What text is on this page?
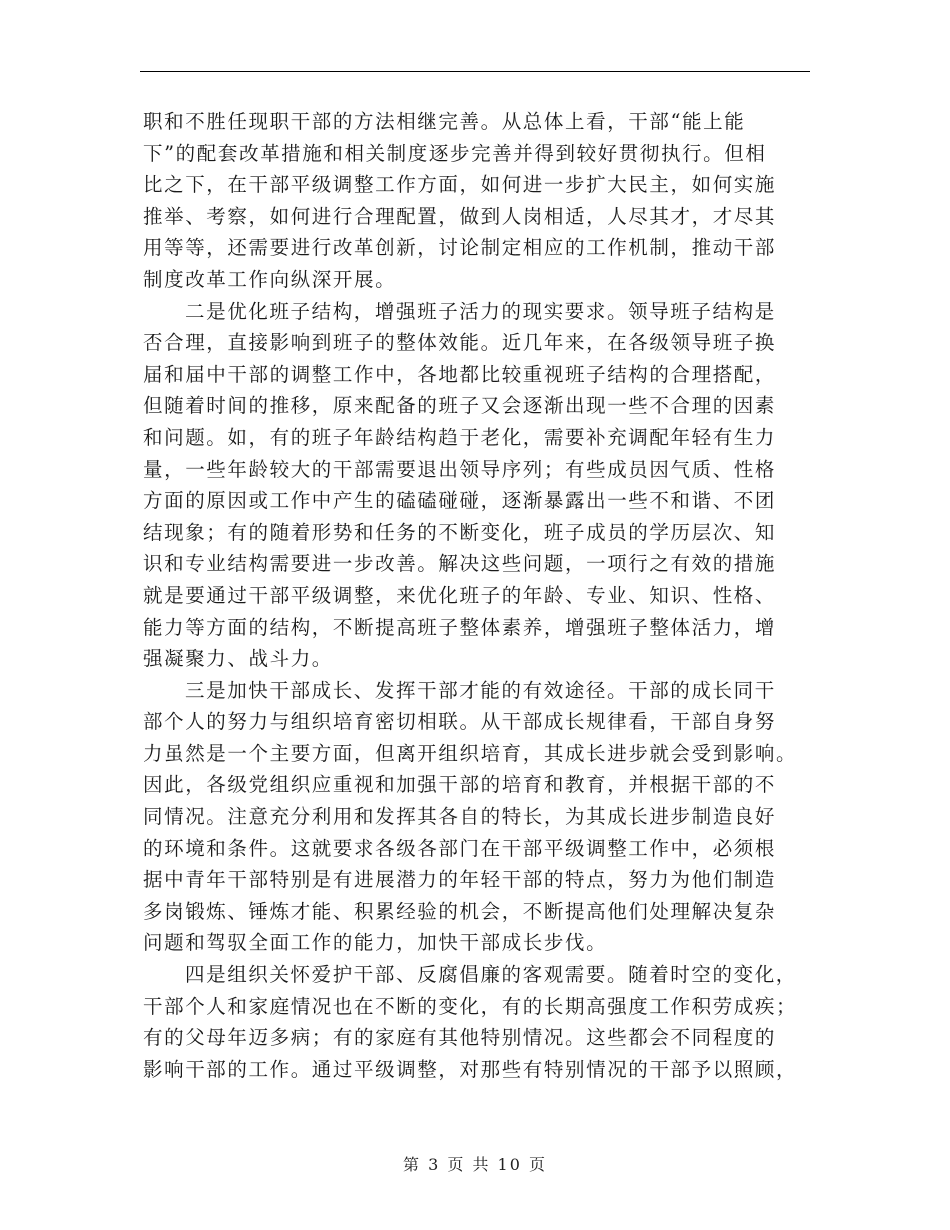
职和不胜任现职干部的方法相继完善。从总体上看，干部“能上能
下”的配套改革措施和相关制度逐步完善并得到较好贯彻执行。但相
比之下，在干部平级调整工作方面，如何进一步扩大民主，如何实施
推举、考察，如何进行合理配置，做到人岗相适，人尽其才，才尽其
用等等，还需要进行改革创新，讨论制定相应的工作机制，推动干部
制度改革工作向纵深开展。
二是优化班子结构，增强班子活力的现实要求。领导班子结构是
否合理，直接影响到班子的整体效能。近几年来，在各级领导班子换
届和届中干部的调整工作中，各地都比较重视班子结构的合理搭配，
但随着时间的推移，原来配备的班子又会逐渐出现一些不合理的因素
和问题。如，有的班子年龄结构趋于老化，需要补充调配年轻有生力
量，一些年龄较大的干部需要退出领导序列；有些成员因气质、性格
方面的原因或工作中产生的磕磕碰碰，逐渐暴露出一些不和谐、不团
结现象；有的随着形势和任务的不断变化，班子成员的学历层次、知
识和专业结构需要进一步改善。解决这些问题，一项行之有效的措施
就是要通过干部平级调整，来优化班子的年龄、专业、知识、性格、
能力等方面的结构，不断提高班子整体素养，增强班子整体活力，增
强凝聚力、战斗力。
三是加快干部成长、发挥干部才能的有效途径。干部的成长同干
部个人的努力与组织培育密切相联。从干部成长规律看，干部自身努
力虽然是一个主要方面，但离开组织培育，其成长进步就会受到影响。
因此，各级党组织应重视和加强干部的培育和教育，并根据干部的不
同情况。注意充分利用和发挥其各自的特长，为其成长进步制造良好
的环境和条件。这就要求各级各部门在干部平级调整工作中，必须根
据中青年干部特别是有进展潜力的年轻干部的特点，努力为他们制造
多岗锻炼、锤炼才能、积累经验的机会，不断提高他们处理解决复杂
问题和驾驭全面工作的能力，加快干部成长步伐。
四是组织关怀爱护干部、反腐倡廉的客观需要。随着时空的变化，
干部个人和家庭情况也在不断的变化，有的长期高强度工作积劳成疾；
有的父母年迈多病；有的家庭有其他特别情况。这些都会不同程度的
影响干部的工作。通过平级调整，对那些有特别情况的干部予以照顾，
第 3 页 共 10 页
